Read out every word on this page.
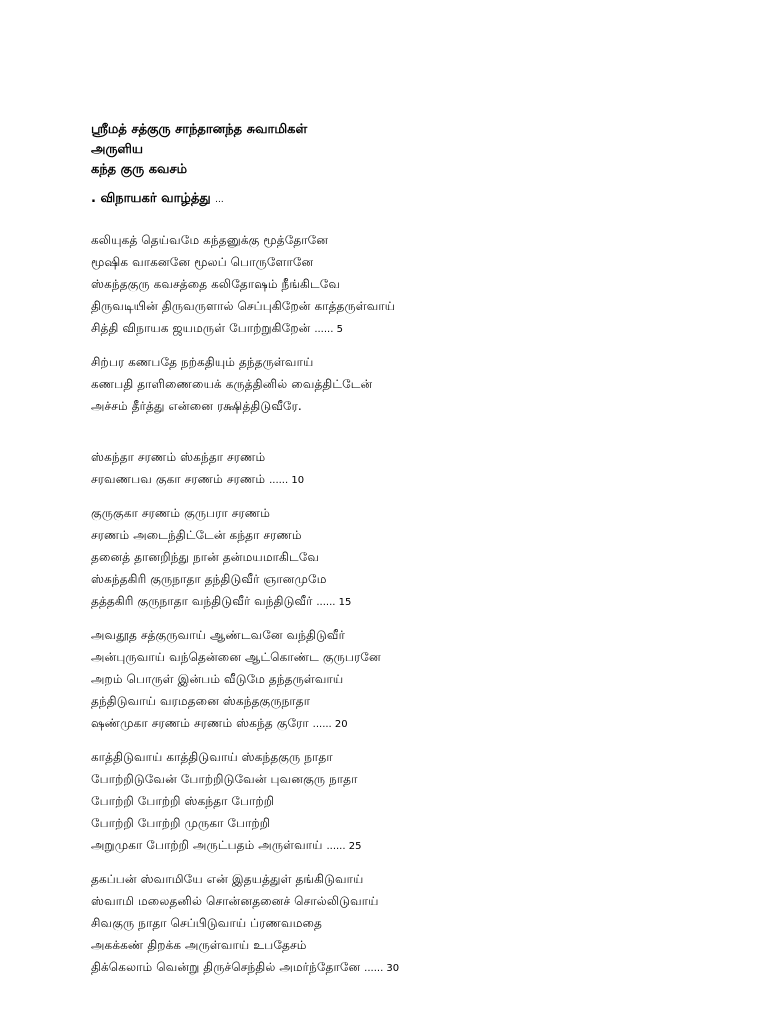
ஸ்ரீமத் சத்குரு சாந்தானந்த சுவாமிகள்
அருளிய
கந்த குரு கவசம்
. விநாயகர் வாழ்த்து ...
கலியுகத் தெய்வமே கந்தனுக்கு மூத்தோனே
மூஷிக வாகனனே மூலப் பொருளோனே
ஸ்கந்தகுரு கவசத்தை கலிதோஷம் நீங்கிடவே
திருவடியின் திருவருளால் செப்புகிறேன் காத்தருள்வாய்
சித்தி விநாயக ஜயமருள் போற்றுகிறேன் ...... 5
சிற்பர கணபதே நற்கதியும் தந்தருள்வாய்
கணபதி தாளிணையைக் கருத்தினில் வைத்திட்டேன்
அச்சம் தீர்த்து என்னை ரக்ஷித்திடுவீரே.
ஸ்கந்தா சரணம் ஸ்கந்தா சரணம்
சரவணபவ குகா சரணம் சரணம் ...... 10
குருகுகா சரணம் குருபரா சரணம்
சரணம் அடைந்திட்டேன் கந்தா சரணம்
தனைத் தானறிந்து நான் தன்மயமாகிடவே
ஸ்கந்தகிரி குருநாதா தந்திடுவீர் ஞானமுமே
தத்தகிரி குருநாதா வந்திடுவீர் வந்திடுவீர் ...... 15
அவதூத சத்குருவாய் ஆண்டவனே வந்திடுவீர்
அன்புருவாய் வந்தென்னை ஆட்கொண்ட குருபரனே
அறம் பொருள் இன்பம் வீடுமே தந்தருள்வாய்
தந்திடுவாய் வரமதனை ஸ்கந்தகுருநாதா
ஷண்முகா சரணம் சரணம் ஸ்கந்த குரோ ...... 20
காத்திடுவாய் காத்திடுவாய் ஸ்கந்தகுரு நாதா
போற்றிடுவேன் போற்றிடுவேன் புவனகுரு நாதா
போற்றி போற்றி ஸ்கந்தா போற்றி
போற்றி போற்றி முருகா போற்றி
அறுமுகா போற்றி அருட்பதம் அருள்வாய் ...... 25
தகப்பன் ஸ்வாமியே என் இதயத்துள் தங்கிடுவாய்
ஸ்வாமி மலைதனில் சொன்னதனைச் சொல்லிடுவாய்
சிவகுரு நாதா செப்பிடுவாய் ப்ரணவமதை
அகக்கண் திறக்க அருள்வாய் உபதேசம்
திக்கெலாம் வென்று திருச்செந்தில் அமர்ந்தோனே ...... 30
